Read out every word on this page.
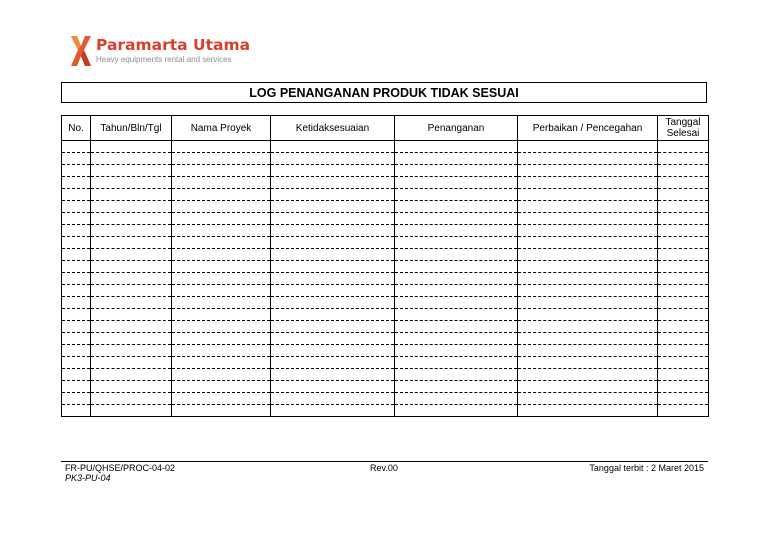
Paramarta Utama
Heavy equipments rental and services
LOG PENANGANAN PRODUK TIDAK SESUAI
No.	Tahun/Bln/Tgl	Nama Proyek	Ketidaksesuaian	Penanganan	Perbaikan / Pencegahan	Tanggal
Selesai

FR-PU/QHSE/PROC-04-02
PK3-PU-04
Rev.00	Tanggal terbit : 2 Maret 2015
